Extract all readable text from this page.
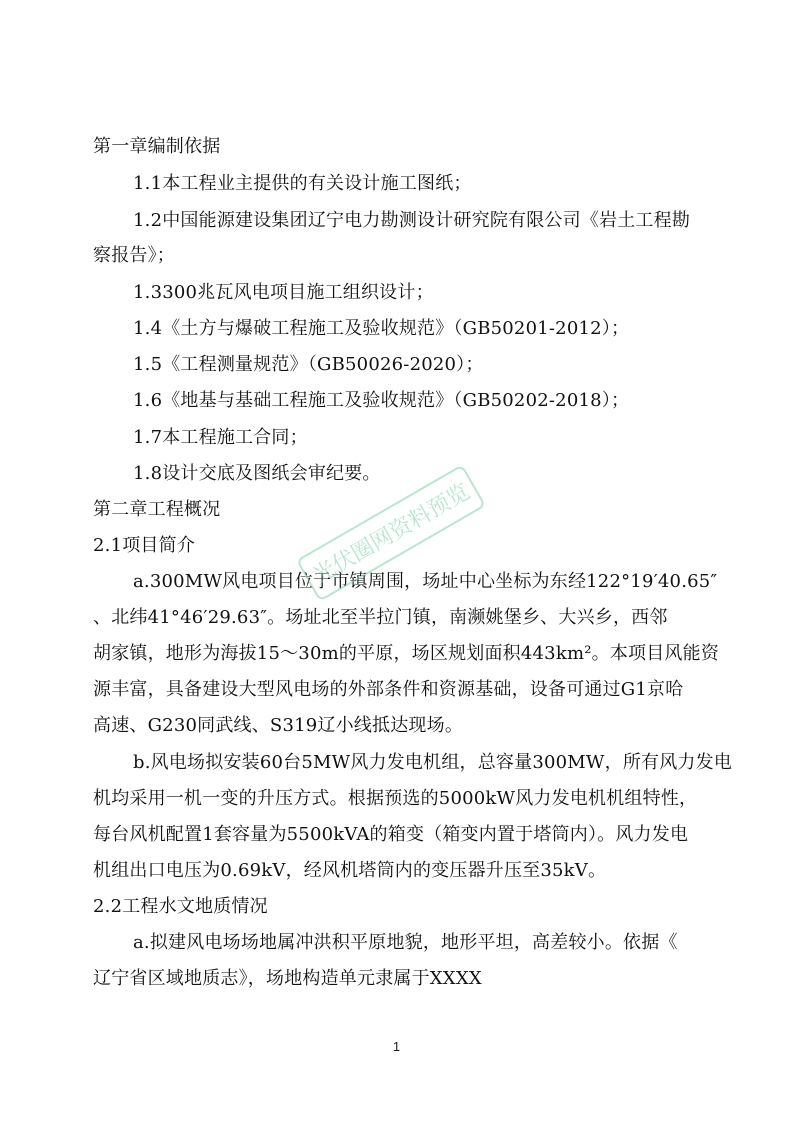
第一章编制依据
1.1本工程业主提供的有关设计施工图纸；
1.2中国能源建设集团辽宁电力勘测设计研究院有限公司《岩土工程勘
察报告》；
1.3300兆瓦风电项目施工组织设计；
1.4《土方与爆破工程施工及验收规范》（GB50201-2012）；
1.5《工程测量规范》（GB50026-2020）；
1.6《地基与基础工程施工及验收规范》（GB50202-2018）；
1.7本工程施工合同；
1.8设计交底及图纸会审纪要。
第二章工程概况
2.1项目简介
a.300MW风电项目位于市镇周围，场址中心坐标为东经122°19′40.65″
、北纬41°46′29.63″。场址北至半拉门镇，南濒姚堡乡、大兴乡，西邻
胡家镇，地形为海拔15～30m的平原，场区规划面积443km²。本项目风能资
源丰富，具备建设大型风电场的外部条件和资源基础，设备可通过G1京哈
高速、G230同武线、S319辽小线抵达现场。
b.风电场拟安装60台5MW风力发电机组，总容量300MW，所有风力发电
机均采用一机一变的升压方式。根据预选的5000kW风力发电机机组特性，
每台风机配置1套容量为5500kVA的箱变（箱变内置于塔筒内）。风力发电
机组出口电压为0.69kV，经风机塔筒内的变压器升压至35kV。
2.2工程水文地质情况
a.拟建风电场场地属冲洪积平原地貌，地形平坦，高差较小。依据《
辽宁省区域地质志》，场地构造单元隶属于XXXX
1
光伏圈网资料预览
